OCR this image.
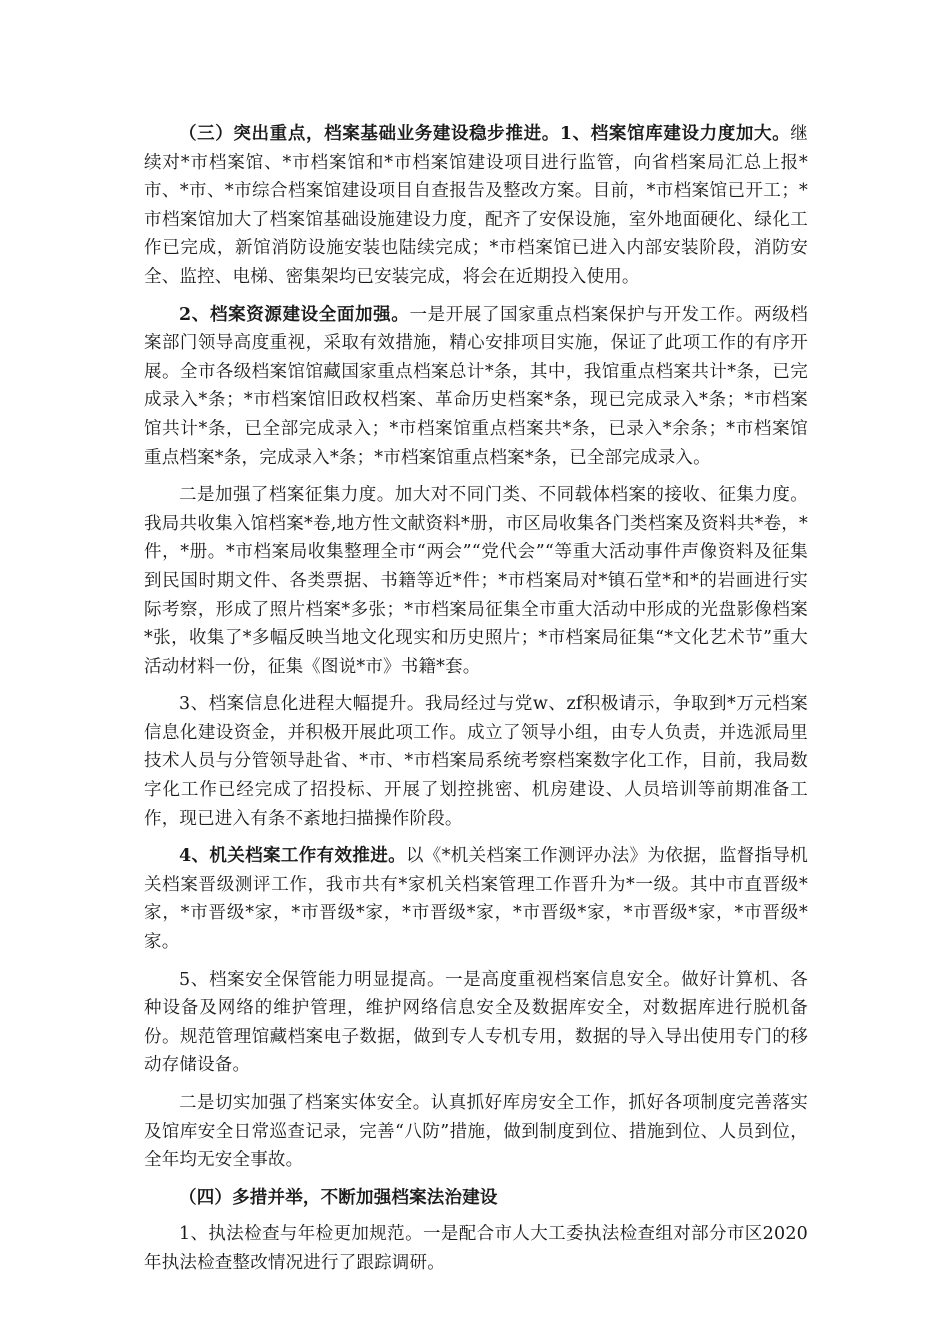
（三）突出重点，档案基础业务建设稳步推进。1、档案馆库建设力度加大。继续对*市档案馆、*市档案馆和*市档案馆建设项目进行监管，向省档案局汇总上报*市、*市、*市综合档案馆建设项目自查报告及整改方案。目前，*市档案馆已开工；*市档案馆加大了档案馆基础设施建设力度，配齐了安保设施，室外地面硬化、绿化工作已完成，新馆消防设施安装也陆续完成；*市档案馆已进入内部安装阶段，消防安全、监控、电梯、密集架均已安装完成，将会在近期投入使用。

2、档案资源建设全面加强。一是开展了国家重点档案保护与开发工作。两级档案部门领导高度重视，采取有效措施，精心安排项目实施，保证了此项工作的有序开展。全市各级档案馆馆藏国家重点档案总计*条，其中，我馆重点档案共计*条，已完成录入*条；*市档案馆旧政权档案、革命历史档案*条，现已完成录入*条；*市档案馆共计*条，已全部完成录入；*市档案馆重点档案共*条，已录入*余条；*市档案馆重点档案*条，完成录入*条；*市档案馆重点档案*条，已全部完成录入。

二是加强了档案征集力度。加大对不同门类、不同载体档案的接收、征集力度。我局共收集入馆档案*卷,地方性文献资料*册，市区局收集各门类档案及资料共*卷，*件，*册。*市档案局收集整理全市“两会”“党代会”“等重大活动事件声像资料及征集到民国时期文件、各类票据、书籍等近*件；*市档案局对*镇石堂*和*的岩画进行实际考察，形成了照片档案*多张；*市档案局征集全市重大活动中形成的光盘影像档案*张，收集了*多幅反映当地文化现实和历史照片；*市档案局征集“*文化艺术节”重大活动材料一份，征集《图说*市》书籍*套。

3、档案信息化进程大幅提升。我局经过与党w、zf积极请示，争取到*万元档案信息化建设资金，并积极开展此项工作。成立了领导小组，由专人负责，并选派局里技术人员与分管领导赴省、*市、*市档案局系统考察档案数字化工作，目前，我局数字化工作已经完成了招投标、开展了划控挑密、机房建设、人员培训等前期准备工作，现已进入有条不紊地扫描操作阶段。

4、机关档案工作有效推进。以《*机关档案工作测评办法》为依据，监督指导机关档案晋级测评工作，我市共有*家机关档案管理工作晋升为*一级。其中市直晋级*家，*市晋级*家，*市晋级*家，*市晋级*家，*市晋级*家，*市晋级*家，*市晋级*家。

5、档案安全保管能力明显提高。一是高度重视档案信息安全。做好计算机、各种设备及网络的维护管理，维护网络信息安全及数据库安全，对数据库进行脱机备份。规范管理馆藏档案电子数据，做到专人专机专用，数据的导入导出使用专门的移动存储设备。

二是切实加强了档案实体安全。认真抓好库房安全工作，抓好各项制度完善落实及馆库安全日常巡查记录，完善“八防”措施，做到制度到位、措施到位、人员到位，全年均无安全事故。

（四）多措并举，不断加强档案法治建设

1、执法检查与年检更加规范。一是配合市人大工委执法检查组对部分市区2020年执法检查整改情况进行了跟踪调研。
